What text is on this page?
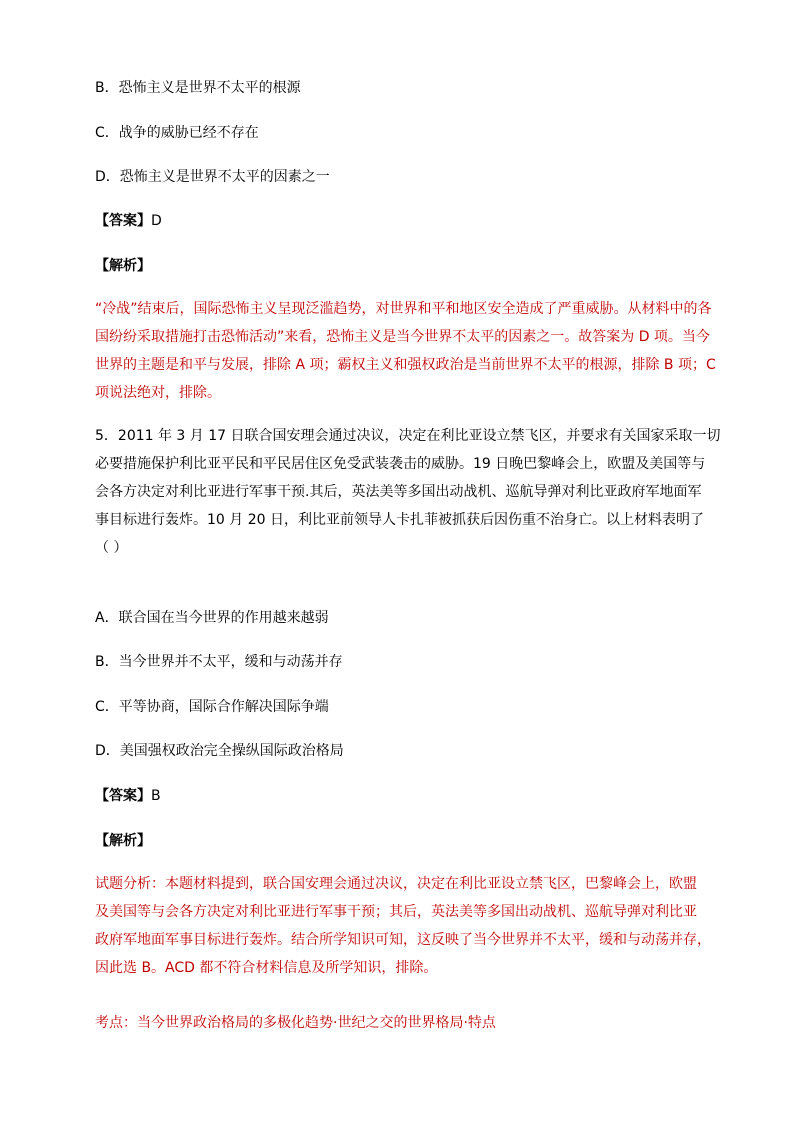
B．恐怖主义是世界不太平的根源
C．战争的威胁已经不存在
D．恐怖主义是世界不太平的因素之一
【答案】D
【解析】
“冷战”结束后，国际恐怖主义呈现泛滥趋势，对世界和平和地区安全造成了严重威胁。从材料中的各
国纷纷采取措施打击恐怖活动”来看，恐怖主义是当今世界不太平的因素之一。故答案为 D 项。当今
世界的主题是和平与发展，排除 A 项；霸权主义和强权政治是当前世界不太平的根源，排除 B 项；C
项说法绝对，排除。
5．2011 年 3 月 17 日联合国安理会通过决议，决定在利比亚设立禁飞区，并要求有关国家采取一切
必要措施保护利比亚平民和平民居住区免受武装袭击的威胁。19 日晚巴黎峰会上，欧盟及美国等与
会各方决定对利比亚进行军事干预.其后，英法美等多国出动战机、巡航导弹对利比亚政府军地面军
事目标进行轰炸。10 月 20 日，利比亚前领导人卡扎菲被抓获后因伤重不治身亡。以上材料表明了
（ ）
A．联合国在当今世界的作用越来越弱
B．当今世界并不太平，缓和与动荡并存
C．平等协商，国际合作解决国际争端
D．美国强权政治完全操纵国际政治格局
【答案】B
【解析】
试题分析：本题材料提到，联合国安理会通过决议，决定在利比亚设立禁飞区，巴黎峰会上，欧盟
及美国等与会各方决定对利比亚进行军事干预；其后，英法美等多国出动战机、巡航导弹对利比亚
政府军地面军事目标进行轰炸。结合所学知识可知，这反映了当今世界并不太平，缓和与动荡并存，
因此选 B。ACD 都不符合材料信息及所学知识，排除。
考点：当今世界政治格局的多极化趋势·世纪之交的世界格局·特点
